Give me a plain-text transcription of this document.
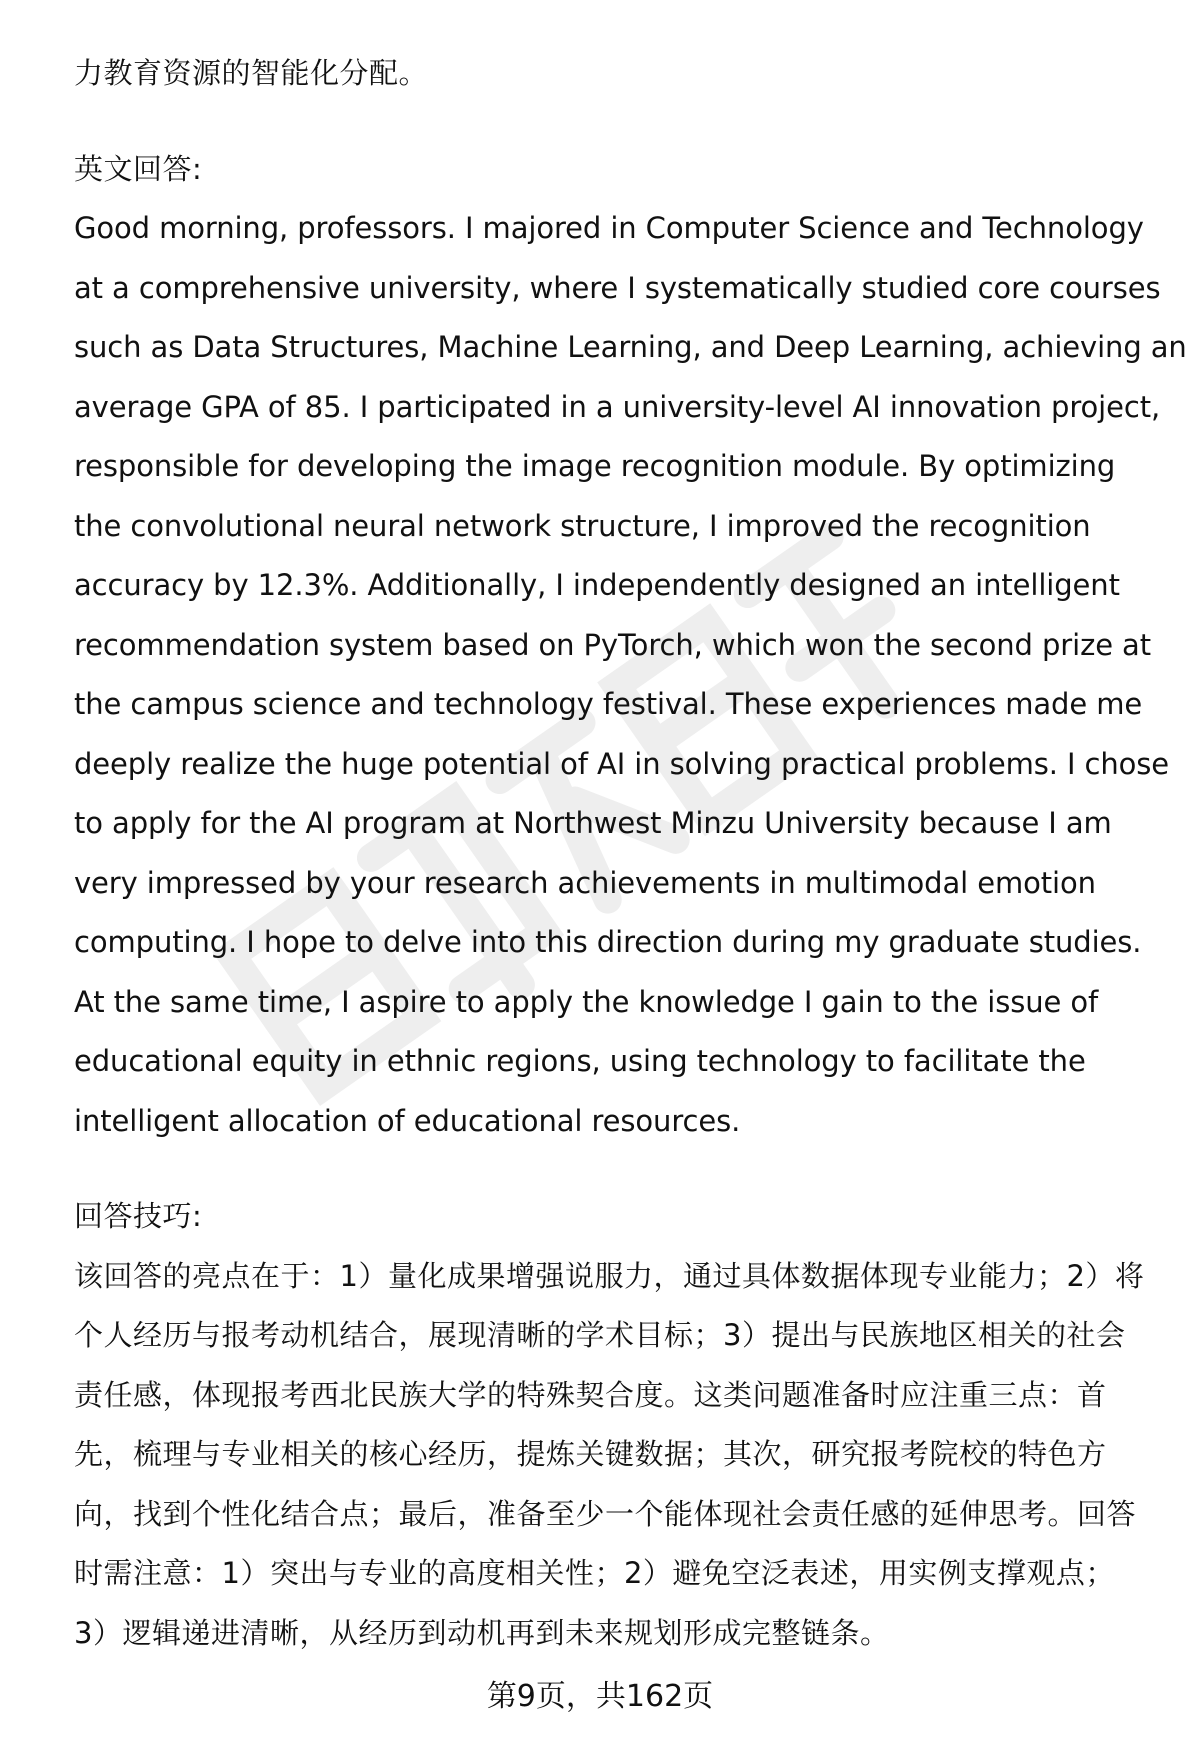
力教育资源的智能化分配。

英文回答:

Good morning, professors. I majored in Computer Science and Technology

at a comprehensive university, where I systematically studied core courses

such as Data Structures, Machine Learning, and Deep Learning, achieving an

average GPA of 85. I participated in a university-level AI innovation project,

responsible for developing the image recognition module. By optimizing

the convolutional neural network structure, I improved the recognition

accuracy by 12.3%. Additionally, I independently designed an intelligent

recommendation system based on PyTorch, which won the second prize at

the campus science and technology festival. These experiences made me

deeply realize the huge potential of AI in solving practical problems. I chose

to apply for the AI program at Northwest Minzu University because I am

very impressed by your research achievements in multimodal emotion

computing. I hope to delve into this direction during my graduate studies.

At the same time, I aspire to apply the knowledge I gain to the issue of

educational equity in ethnic regions, using technology to facilitate the

intelligent allocation of educational resources.

回答技巧:

该回答的亮点在于：1）量化成果增强说服力，通过具体数据体现专业能力；2）将

个人经历与报考动机结合，展现清晰的学术目标；3）提出与民族地区相关的社会

责任感，体现报考西北民族大学的特殊契合度。这类问题准备时应注重三点：首

先，梳理与专业相关的核心经历，提炼关键数据；其次，研究报考院校的特色方

向，找到个性化结合点；最后，准备至少一个能体现社会责任感的延伸思考。回答

时需注意：1）突出与专业的高度相关性；2）避免空泛表述，用实例支撑观点；

3）逻辑递进清晰，从经历到动机再到未来规划形成完整链条。

第9页，共162页
